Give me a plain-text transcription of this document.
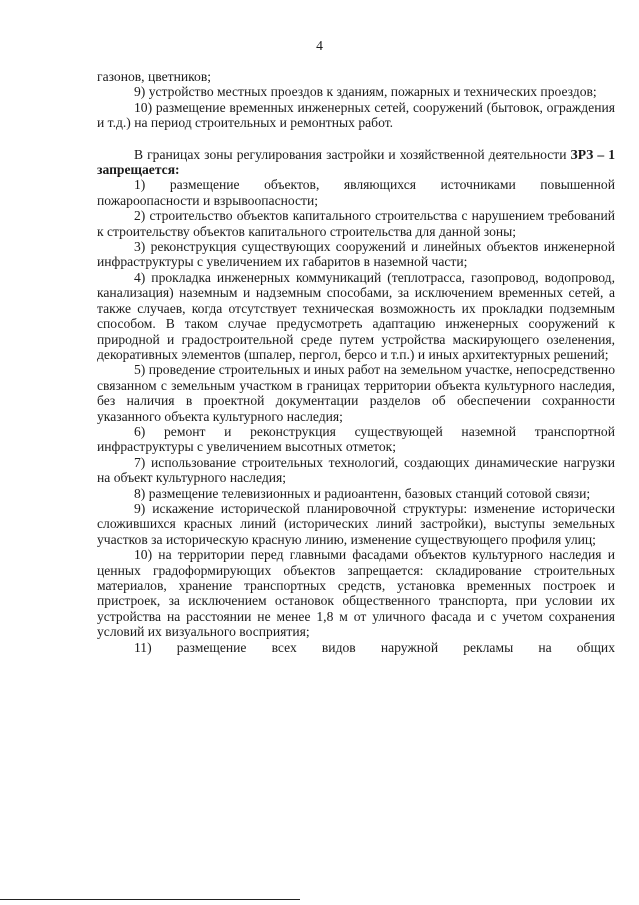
4

газонов, цветников;

9) устройство местных проездов к зданиям, пожарных и технических проездов;

10) размещение временных инженерных сетей, сооружений (бытовок, ограждения и т.д.) на период строительных и ремонтных работ.

В границах зоны регулирования застройки и хозяйственной деятельности ЗРЗ – 1 запрещается:

1) размещение объектов, являющихся источниками повышенной пожароопасности и взрывоопасности;

2) строительство объектов капитального строительства с нарушением требований к строительству объектов капитального строительства для данной зоны;

3) реконструкция существующих сооружений и линейных объектов инженерной инфраструктуры с увеличением их габаритов в наземной части;

4) прокладка инженерных коммуникаций (теплотрасса, газопровод, водопровод, канализация) наземным и надземным способами, за исключением временных сетей, а также случаев, когда отсутствует техническая возможность их прокладки подземным способом. В таком случае предусмотреть адаптацию инженерных сооружений к природной и градостроительной среде путем устройства маскирующего озеленения, декоративных элементов (шпалер, пергол, берсо и т.п.) и иных архитектурных решений;

5) проведение строительных и иных работ на земельном участке, непосредственно связанном с земельным участком в границах территории объекта культурного наследия, без наличия в проектной документации разделов об обеспечении сохранности указанного объекта культурного наследия;

6) ремонт и реконструкция существующей наземной транспортной инфраструктуры с увеличением высотных отметок;

7) использование строительных технологий, создающих динамические нагрузки на объект культурного наследия;

8) размещение телевизионных и радиоантенн, базовых станций сотовой связи;

9) искажение исторической планировочной структуры: изменение исторически сложившихся красных линий (исторических линий застройки), выступы земельных участков за историческую красную линию, изменение существующего профиля улиц;

10) на территории перед главными фасадами объектов культурного наследия и ценных градоформирующих объектов запрещается: складирование строительных материалов, хранение транспортных средств, установка временных построек и пристроек, за исключением остановок общественного транспорта, при условии их устройства на расстоянии не менее 1,8 м от уличного фасада и с учетом сохранения условий их визуального восприятия;

11) размещение всех видов наружной рекламы на общих
